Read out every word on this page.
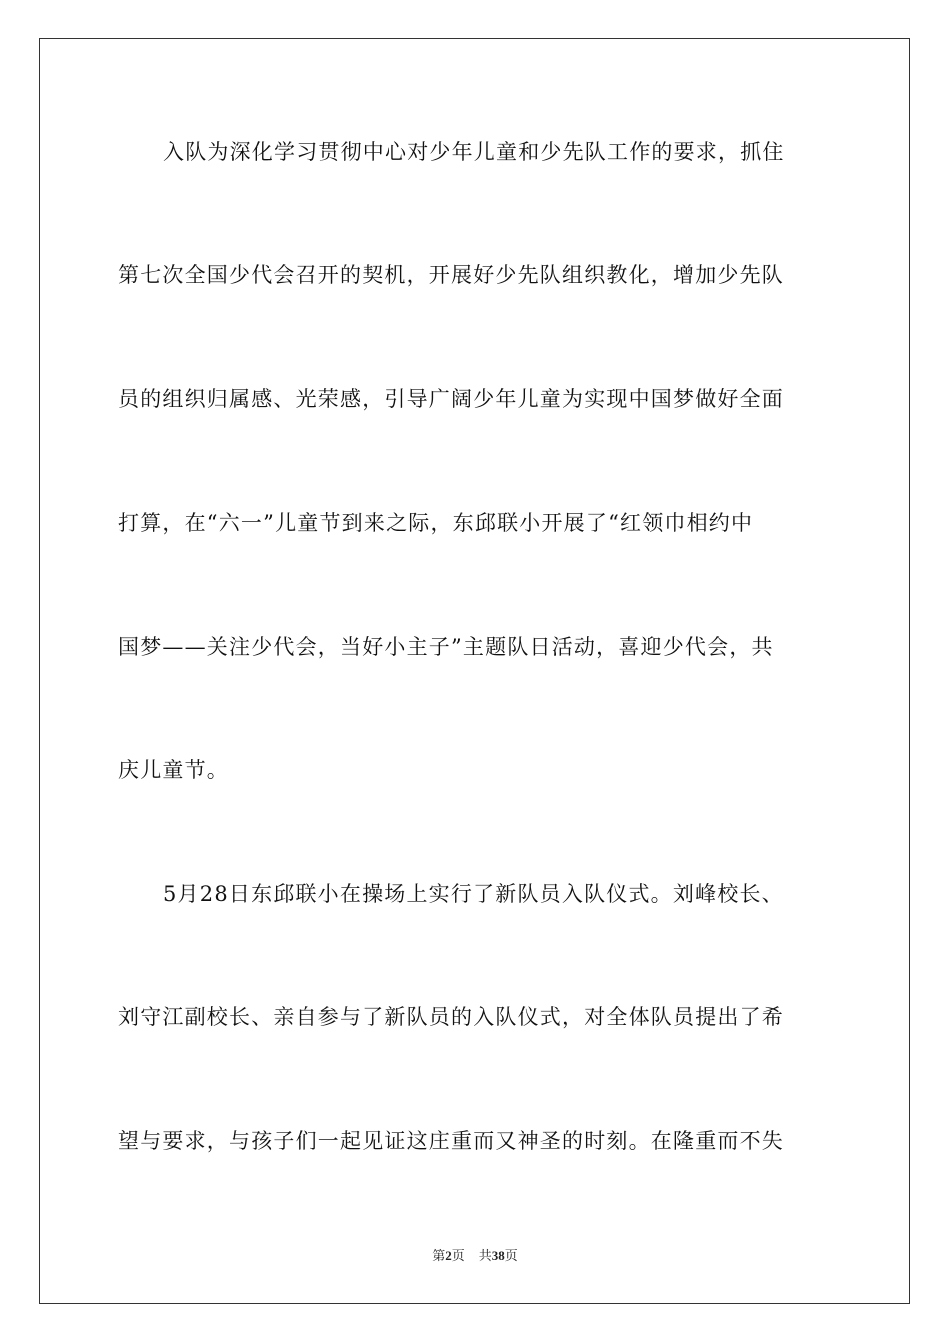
入队为深化学习贯彻中心对少年儿童和少先队工作的要求，抓住
第七次全国少代会召开的契机，开展好少先队组织教化，增加少先队
员的组织归属感、光荣感，引导广阔少年儿童为实现中国梦做好全面
打算，在“六一”儿童节到来之际，东邱联小开展了“红领巾相约中
国梦——关注少代会，当好小主子”主题队日活动，喜迎少代会，共
庆儿童节。
5月28日东邱联小在操场上实行了新队员入队仪式。刘峰校长、
刘守江副校长、亲自参与了新队员的入队仪式，对全体队员提出了希
望与要求，与孩子们一起见证这庄重而又神圣的时刻。在隆重而不失
第2页 共38页
